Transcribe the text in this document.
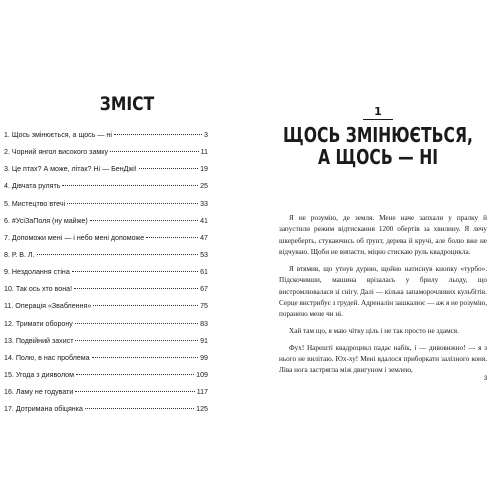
ЗМІСТ
1. Щось змінюється, а щось — ні	3
2. Чорний янгол високого замку	11
3. Це птах? А може, літак? Ні — БенДжі!	19
4. Дівчата рулять	25
5. Мистецтво втечі	33
6. #УсіЗаПоля (ну майже)	41
7. Допоможи мені — і небо мені допоможе	47
8. Р. В. Л.	53
9. Нездолання стіна	61
10. Так ось хто вона!	67
11. Операція «Зваблення»	75
12. Тримати оборону	83
13. Подвійний захист	91
14. Полю, в нас проблема	99
15. Угода з дияволом	109
16. Ламу не годувати	117
17. Дотримана обіцянка	125
1
ЩОСЬ ЗМІНЮЄТЬСЯ,
А ЩОСЬ — НІ

Я не розумію, де земля. Мене наче запхали у пралку й запустили режим відтискання 1200 обертів за хвилину. Я лечу шкереберть, стукаючись об ґрунт, дерева й кручі, але болю вже не відчуваю. Щоби не випасти, міцно стискаю руль квадроцикла.

Я втямив, що утнув дурню, щойно натиснув кнопку «турбо». Підскочивши, машина врізалась у брилу льоду, що вистромлювалася зі снігу. Далі — кілька запаморочливих кульбітів. Серце вистрибує з грудей. Адреналін зашкалює — аж я не розумію, поранено мене чи ні.

Хай там що, я маю чітку ціль і не так просто не здамся.

Фух! Нарешті квадроцикл падає набік, і — дивовижно! — я з нього не вилітаю. Юх-ху! Мені вдалося приборкати залізного коня. Ліва нога застрягла між двигуном і землею,

3
